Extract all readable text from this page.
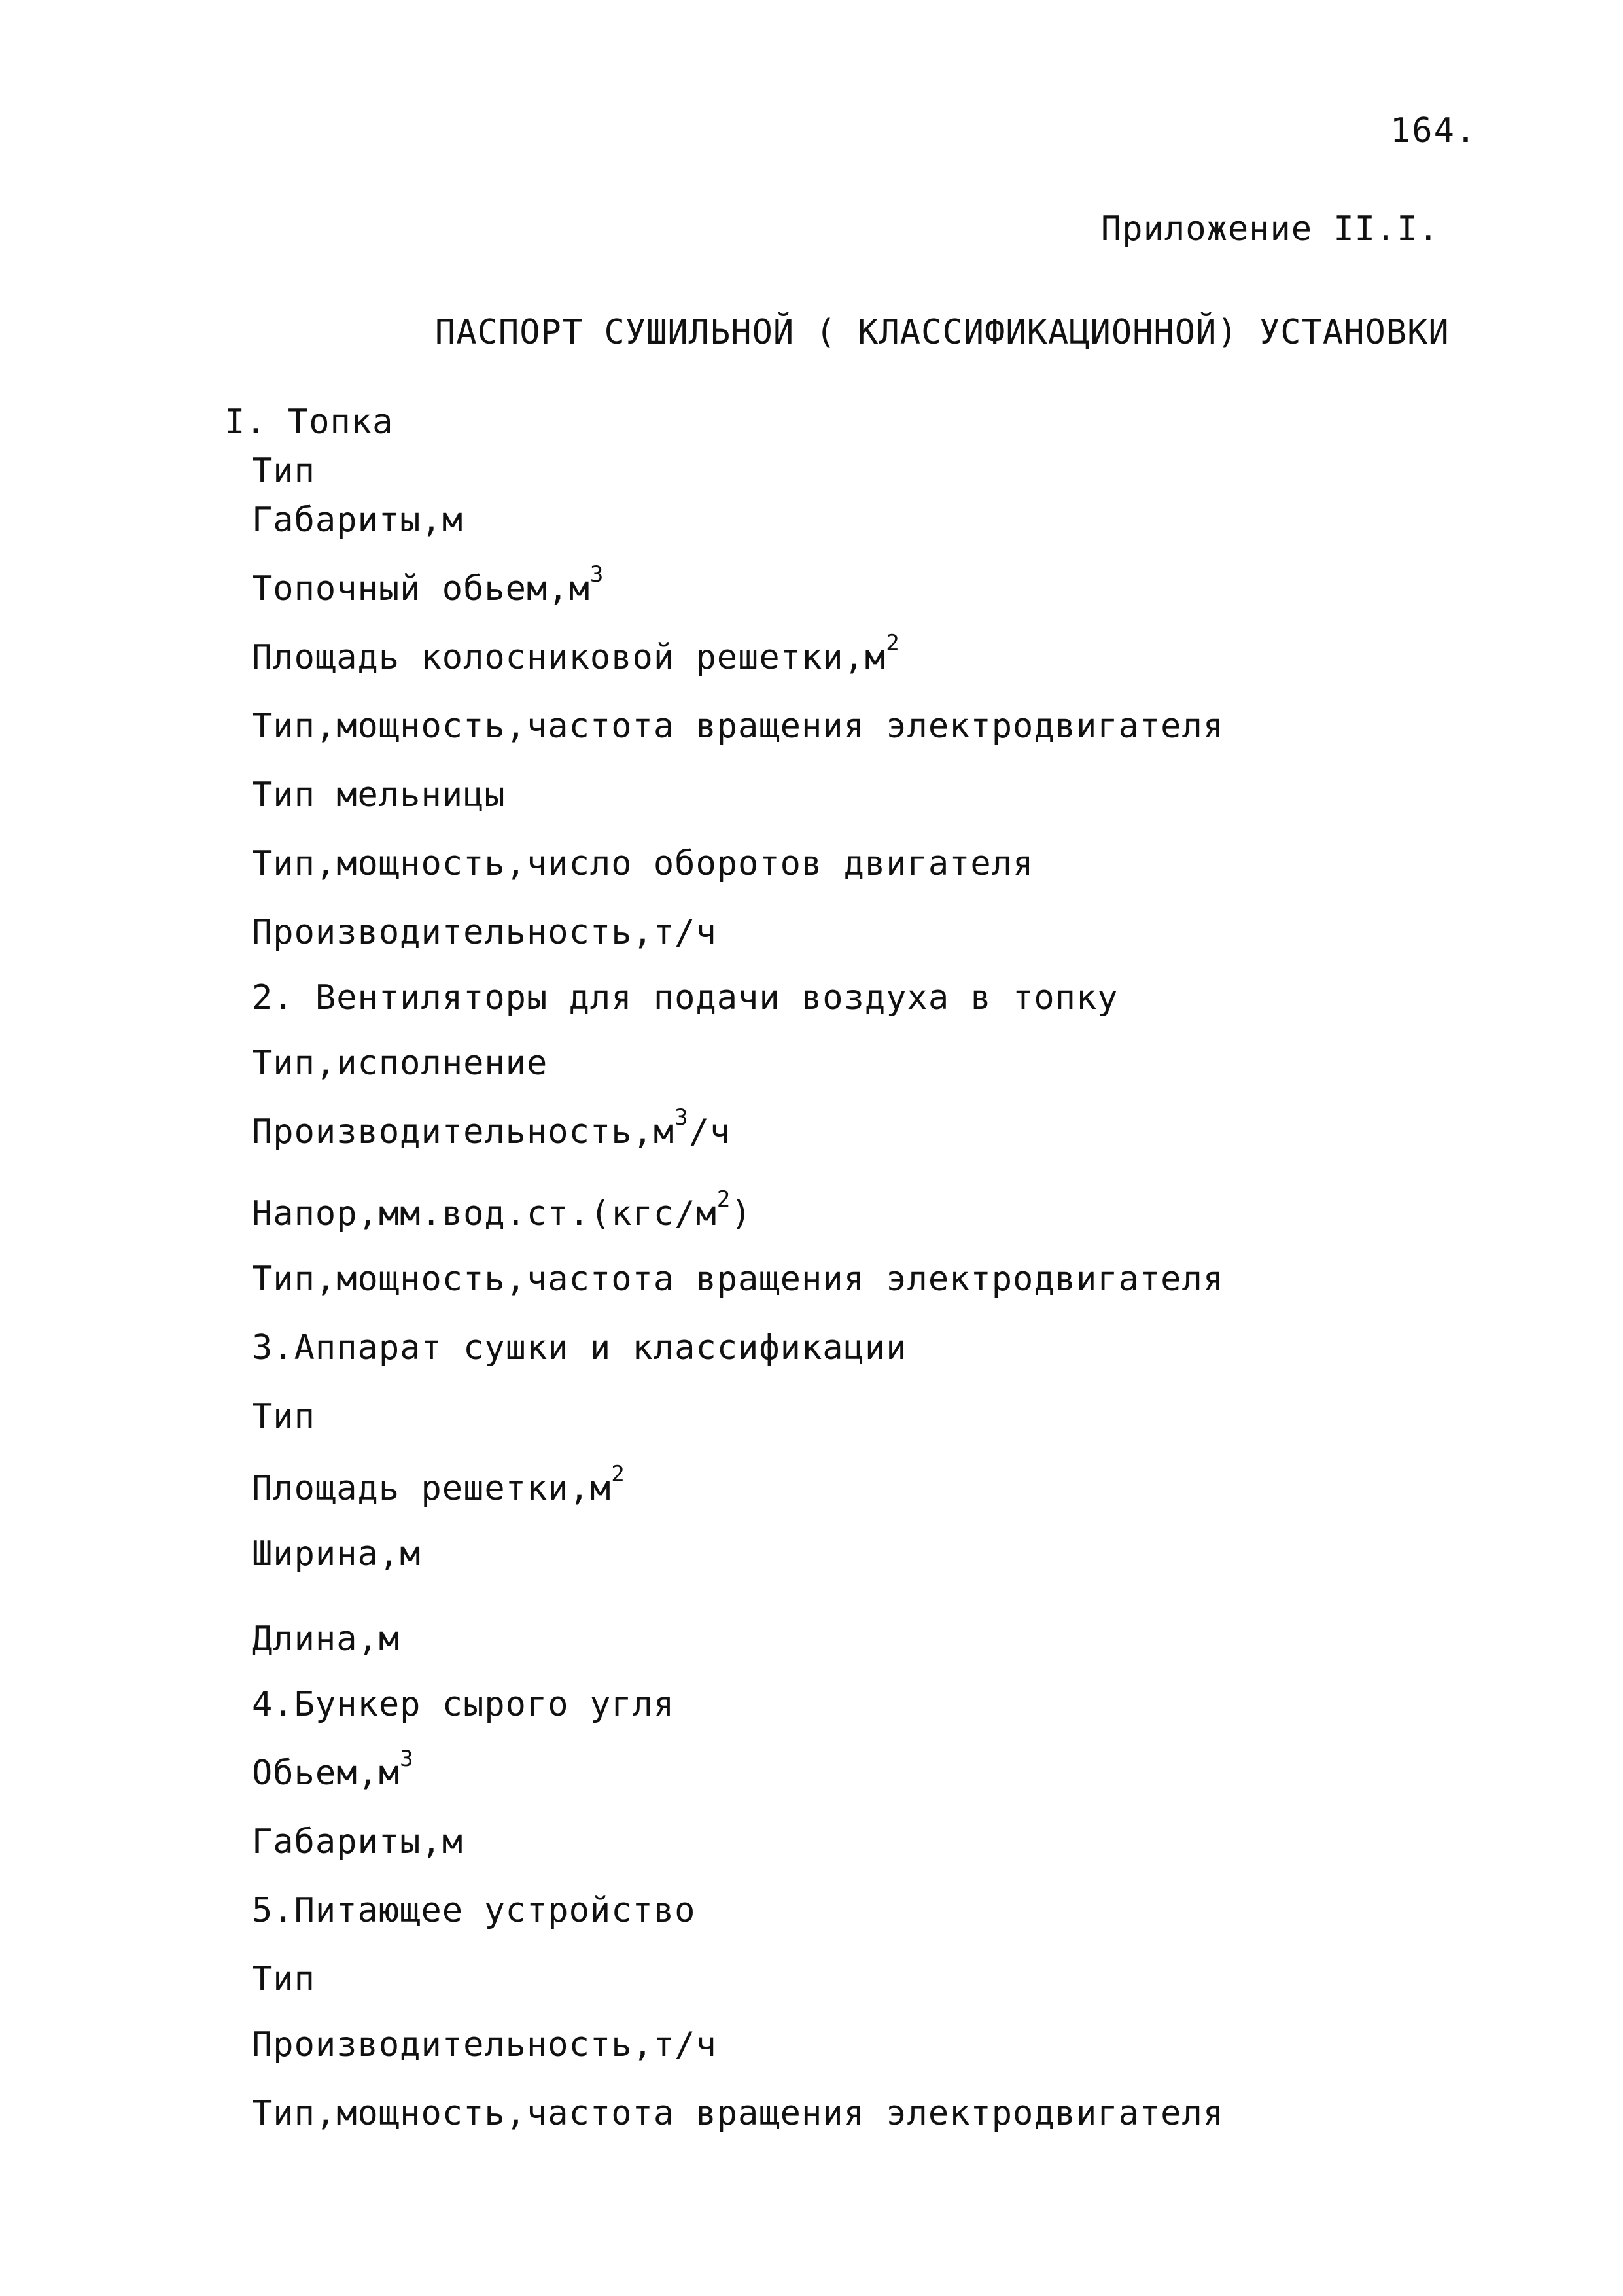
164.
Приложение II.I.
ПАСПОРТ СУШИЛЬНОЙ ( КЛАССИФИКАЦИОННОЙ) УСТАНОВКИ
I. Топка
Тип
Габариты,м
Топочный $обьем,м^3$
Площадь колосниковой $решетки,м^2$
Тип,мощность,частота вращения электродвигателя
Тип мельницы
Тип,мощность,число оборотов двигателя
Производительность,т/ч
2. Вентиляторы для подачи воздуха в топку
Тип,исполнение
$Производительность,м^3/ч$
$Напор,мм.вод.ст.(кгс/м^2)$
Тип,мощность,частота вращения электродвигателя
3.Аппарат сушки и классификации
Тип
Площадь $решетки,м^2$
Ширина,м
Длина,м
4.Бункер сырого угля
$Обьем,м^3$
Габариты,м
5.Питающее устройство
Тип
Производительность,т/ч
Тип,мощность,частота вращения электродвигателя
